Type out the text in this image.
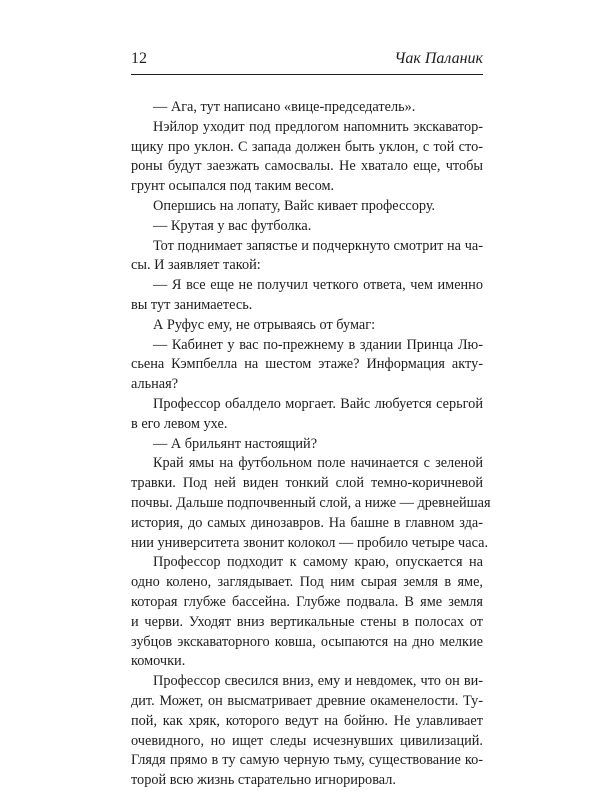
12	Чак Паланик
— Ага, тут написано «вице-председатель».
Нэйлор уходит под предлогом напомнить экскаватор-
щику про уклон. С запада должен быть уклон, с той сто-
роны будут заезжать самосвалы. Не хватало еще, чтобы
грунт осыпался под таким весом.
Опершись на лопату, Вайс кивает профессору.
— Крутая у вас футболка.
Тот поднимает запястье и подчеркнуто смотрит на ча-
сы. И заявляет такой:
— Я все еще не получил четкого ответа, чем именно
вы тут занимаетесь.
А Руфус ему, не отрываясь от бумаг:
— Кабинет у вас по-прежнему в здании Принца Лю-
сьена Кэмпбелла на шестом этаже? Информация акту-
альная?
Профессор обалдело моргает. Вайс любуется серьгой
в его левом ухе.
— А брильянт настоящий?
Край ямы на футбольном поле начинается с зеленой
травки. Под ней виден тонкий слой темно-коричневой
почвы. Дальше подпочвенный слой, а ниже — древнейшая
история, до самых динозавров. На башне в главном зда-
нии университета звонит колокол — пробило четыре часа.
Профессор подходит к самому краю, опускается на
одно колено, заглядывает. Под ним сырая земля в яме,
которая глубже бассейна. Глубже подвала. В яме земля
и черви. Уходят вниз вертикальные стены в полосах от
зубцов экскаваторного ковша, осыпаются на дно мелкие
комочки.
Профессор свесился вниз, ему и невдомек, что он ви-
дит. Может, он высматривает древние окаменелости. Ту-
пой, как хряк, которого ведут на бойню. Не улавливает
очевидного, но ищет следы исчезнувших цивилизаций.
Глядя прямо в ту самую черную тьму, существование ко-
торой всю жизнь старательно игнорировал.
